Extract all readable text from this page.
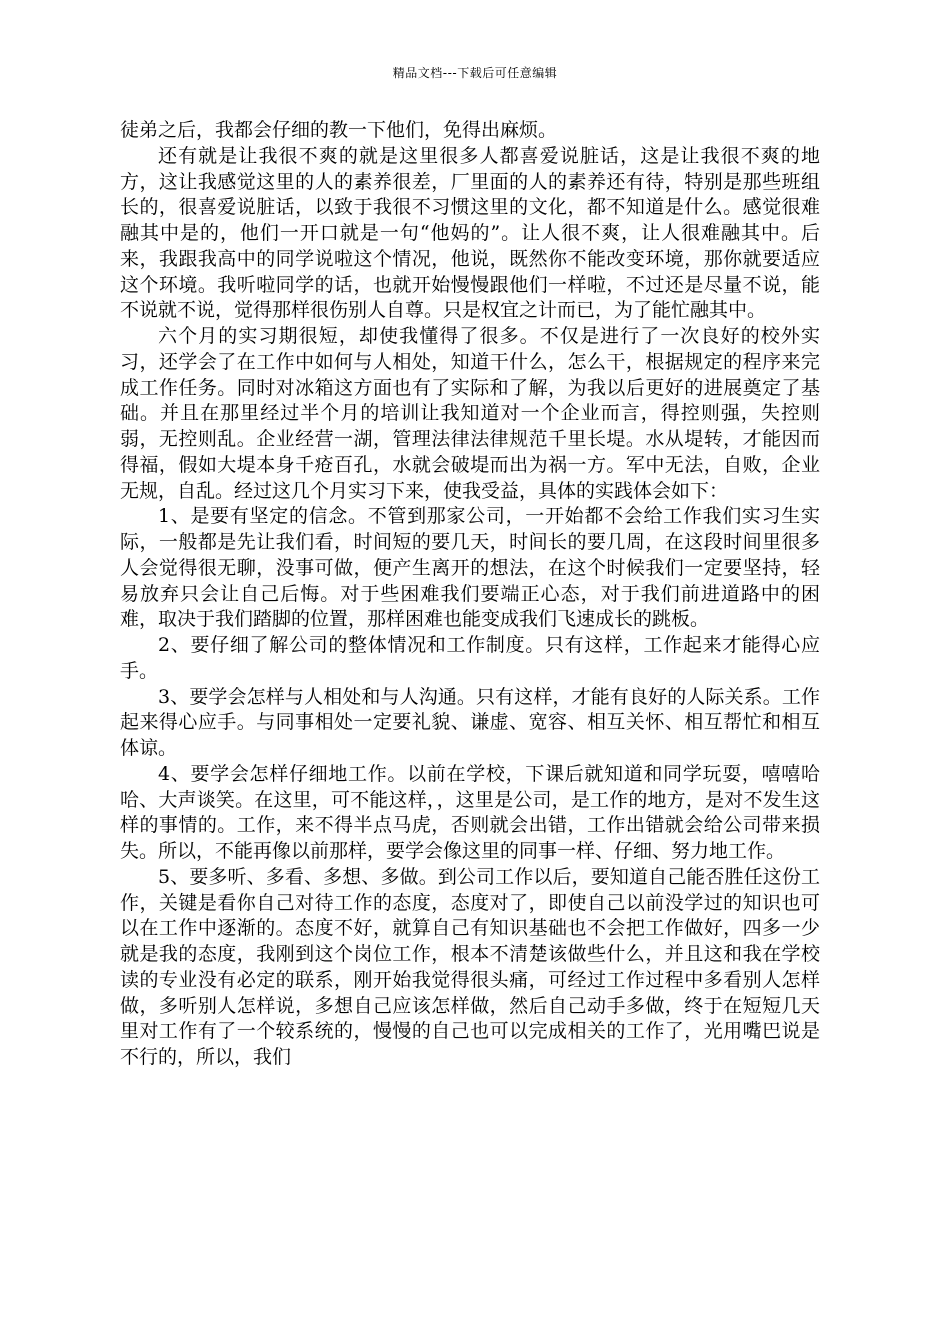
精品文档---下载后可任意编辑

徒弟之后，我都会仔细的教一下他们，免得出麻烦。

还有就是让我很不爽的就是这里很多人都喜爱说脏话，这是让我很不爽的地方，这让我感觉这里的人的素养很差，厂里面的人的素养还有待，特别是那些班组长的，很喜爱说脏话，以致于我很不习惯这里的文化，都不知道是什么。感觉很难融其中是的，他们一开口就是一句“他妈的”。让人很不爽，让人很难融其中。后来，我跟我高中的同学说啦这个情况，他说，既然你不能改变环境，那你就要适应这个环境。我听啦同学的话，也就开始慢慢跟他们一样啦，不过还是尽量不说，能不说就不说，觉得那样很伤别人自尊。只是权宜之计而已，为了能忙融其中。

六个月的实习期很短，却使我懂得了很多。不仅是进行了一次良好的校外实习，还学会了在工作中如何与人相处，知道干什么，怎么干，根据规定的程序来完成工作任务。同时对冰箱这方面也有了实际和了解，为我以后更好的进展奠定了基础。并且在那里经过半个月的培训让我知道对一个企业而言，得控则强，失控则弱，无控则乱。企业经营一湖，管理法律法律规范千里长堤。水从堤转，才能因而得福，假如大堤本身千疮百孔，水就会破堤而出为祸一方。军中无法，自败，企业无规，自乱。经过这几个月实习下来，使我受益，具体的实践体会如下：

1、是要有坚定的信念。不管到那家公司，一开始都不会给工作我们实习生实际，一般都是先让我们看，时间短的要几天，时间长的要几周，在这段时间里很多人会觉得很无聊，没事可做，便产生离开的想法，在这个时候我们一定要坚持，轻易放弃只会让自己后悔。对于些困难我们要端正心态，对于我们前进道路中的困难，取决于我们踏脚的位置，那样困难也能变成我们飞速成长的跳板。

2、要仔细了解公司的整体情况和工作制度。只有这样，工作起来才能得心应手。

3、要学会怎样与人相处和与人沟通。只有这样，才能有良好的人际关系。工作起来得心应手。与同事相处一定要礼貌、谦虚、宽容、相互关怀、相互帮忙和相互体谅。

4、要学会怎样仔细地工作。以前在学校，下课后就知道和同学玩耍，嘻嘻哈哈、大声谈笑。在这里，可不能这样，，这里是公司，是工作的地方，是对不发生这样的事情的。工作，来不得半点马虎，否则就会出错，工作出错就会给公司带来损失。所以，不能再像以前那样，要学会像这里的同事一样、仔细、努力地工作。

5、要多听、多看、多想、多做。到公司工作以后，要知道自己能否胜任这份工作，关键是看你自己对待工作的态度，态度对了，即使自己以前没学过的知识也可以在工作中逐渐的。态度不好，就算自己有知识基础也不会把工作做好，四多一少就是我的态度，我刚到这个岗位工作，根本不清楚该做些什么，并且这和我在学校读的专业没有必定的联系，刚开始我觉得很头痛，可经过工作过程中多看别人怎样做，多听别人怎样说，多想自己应该怎样做，然后自己动手多做，终于在短短几天里对工作有了一个较系统的，慢慢的自己也可以完成相关的工作了，光用嘴巴说是不行的，所以，我们
